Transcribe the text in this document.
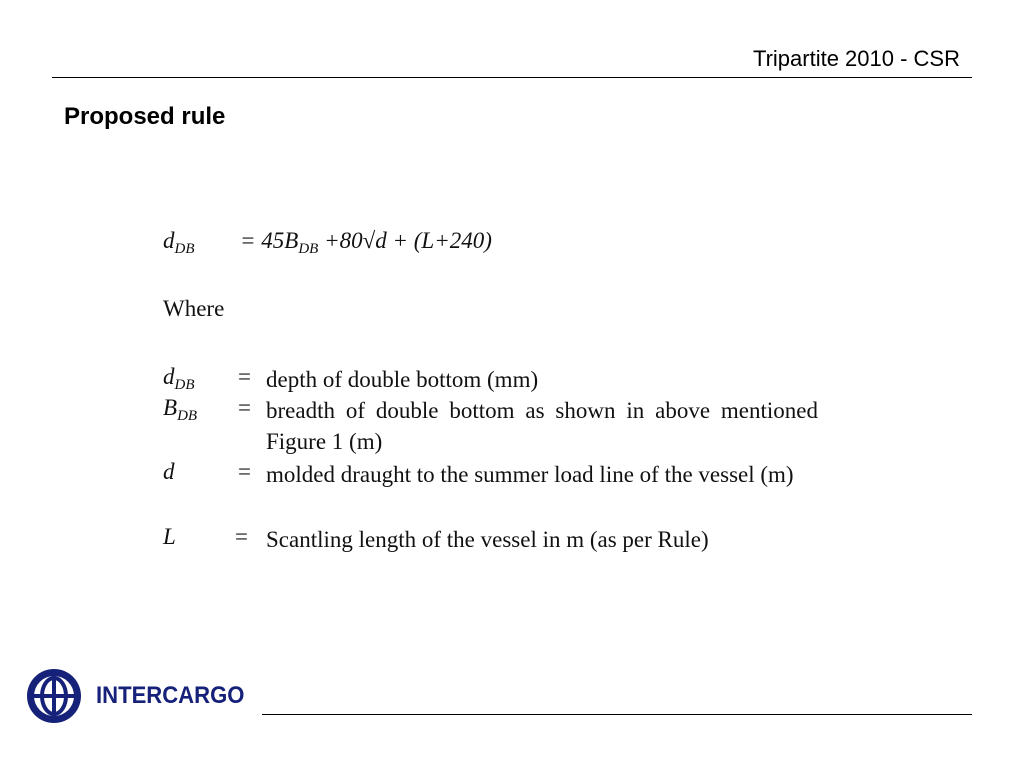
Tripartite 2010 - CSR
Proposed rule
$d_{DB} = 45B_{DB} +80√d + (L+240)$
Where
$d_{DB}$ = depth of double bottom (mm)
$B_{DB}$ = breadth of double bottom as shown in above mentioned Figure 1 (m)
d	= molded draught to the summer load line of the vessel (m)
L	= Scantling length of the vessel in m (as per Rule)
INTERCARGO
